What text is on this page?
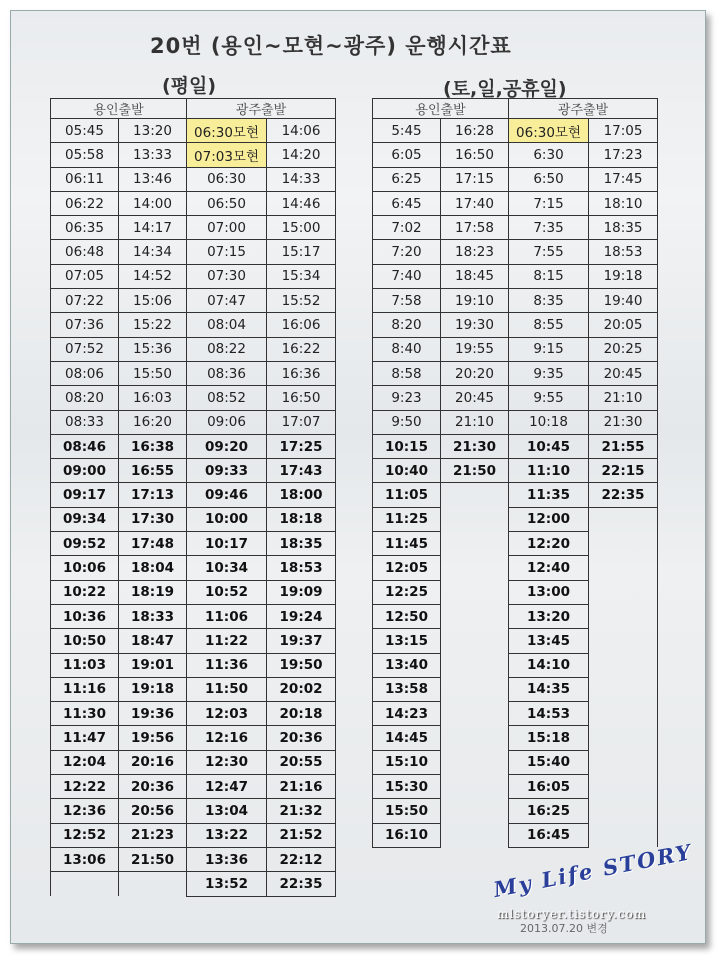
20번 (용인~모현~광주) 운행시간표
(평일)	(토,일,공휴일)
용인출발		광주출발	
05:45	13:20	06:30모현	14:06
05:58	13:33	07:03모현	14:20
06:11	13:46	06:30	14:33
06:22	14:00	06:50	14:46
06:35	14:17	07:00	15:00
06:48	14:34	07:15	15:17
07:05	14:52	07:30	15:34
07:22	15:06	07:47	15:52
07:36	15:22	08:04	16:06
07:52	15:36	08:22	16:22
08:06	15:50	08:36	16:36
08:20	16:03	08:52	16:50
08:33	16:20	09:06	17:07
08:46	16:38	09:20	17:25
09:00	16:55	09:33	17:43
09:17	17:13	09:46	18:00
09:34	17:30	10:00	18:18
09:52	17:48	10:17	18:35
10:06	18:04	10:34	18:53
10:22	18:19	10:52	19:09
10:36	18:33	11:06	19:24
10:50	18:47	11:22	19:37
11:03	19:01	11:36	19:50
11:16	19:18	11:50	20:02
11:30	19:36	12:03	20:18
11:47	19:56	12:16	20:36
12:04	20:16	12:30	20:55
12:22	20:36	12:47	21:16
12:36	20:56	13:04	21:32
12:52	21:23	13:22	21:52
13:06	21:50	13:36	22:12
		13:52	22:35
용인출발		광주출발	
5:45	16:28	06:30모현	17:05
6:05	16:50	6:30	17:23
6:25	17:15	6:50	17:45
6:45	17:40	7:15	18:10
7:02	17:58	7:35	18:35
7:20	18:23	7:55	18:53
7:40	18:45	8:15	19:18
7:58	19:10	8:35	19:40
8:20	19:30	8:55	20:05
8:40	19:55	9:15	20:25
8:58	20:20	9:35	20:45
9:23	20:45	9:55	21:10
9:50	21:10	10:18	21:30
10:15	21:30	10:45	21:55
10:40	21:50	11:10	22:15
11:05		11:35	22:35
11:25		12:00	
11:45		12:20	
12:05		12:40	
12:25		13:00	
12:50		13:20	
13:15		13:45	
13:40		14:10	
13:58		14:35	
14:23		14:53	
14:45		15:18	
15:10		15:40	
15:30		16:05	
15:50		16:25	
16:10		16:45	
My Life STORY
mlstoryer.tistory.com
2013.07.20 변경
